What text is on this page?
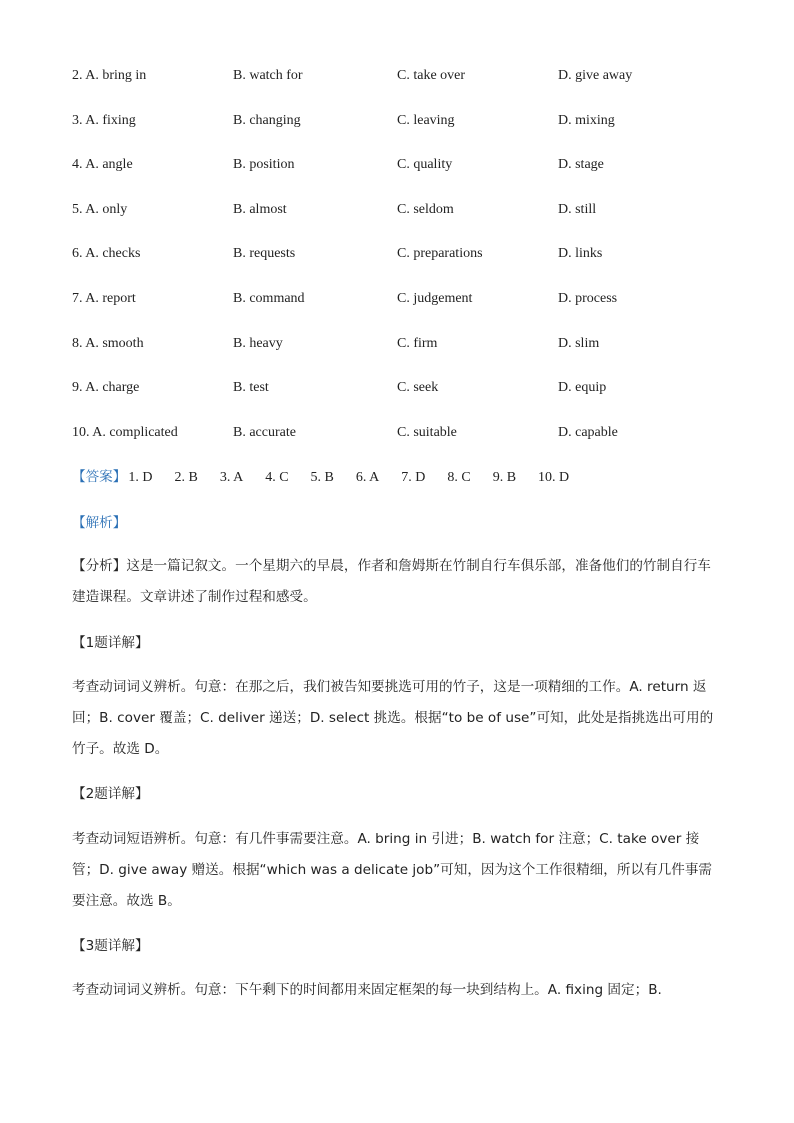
2. A. bring in	B. watch for	C. take over	D. give away
3. A. fixing	B. changing	C. leaving	D. mixing
4. A. angle	B. position	C. quality	D. stage
5. A. only	B. almost	C. seldom	D. still
6. A. checks	B. requests	C. preparations	D. links
7. A. report	B. command	C. judgement	D. process
8. A. smooth	B. heavy	C. firm	D. slim
9. A. charge	B. test	C. seek	D. equip
10. A. complicated	B. accurate	C. suitable	D. capable
【答案】 1. D 2. B 3. A 4. C 5. B 6. A 7. D 8. C 9. B 10. D
【解析】

【分析】这是一篇记叙文。一个星期六的早晨，作者和詹姆斯在竹制自行车俱乐部，准备他们的竹制自行车建造课程。文章讲述了制作过程和感受。

【1题详解】

考查动词词义辨析。句意：在那之后，我们被告知要挑选可用的竹子，这是一项精细的工作。A. return 返回；B. cover 覆盖；C. deliver 递送；D. select 挑选。根据“to be of use”可知，此处是指挑选出可用的竹子。故选 D。

【2题详解】

考查动词短语辨析。句意：有几件事需要注意。A. bring in 引进；B. watch for 注意；C. take over 接管；D. give away 赠送。根据“which was a delicate job”可知，因为这个工作很精细，所以有几件事需要注意。故选 B。

【3题详解】

考查动词词义辨析。句意：下午剩下的时间都用来固定框架的每一块到结构上。A. fixing 固定；B.
